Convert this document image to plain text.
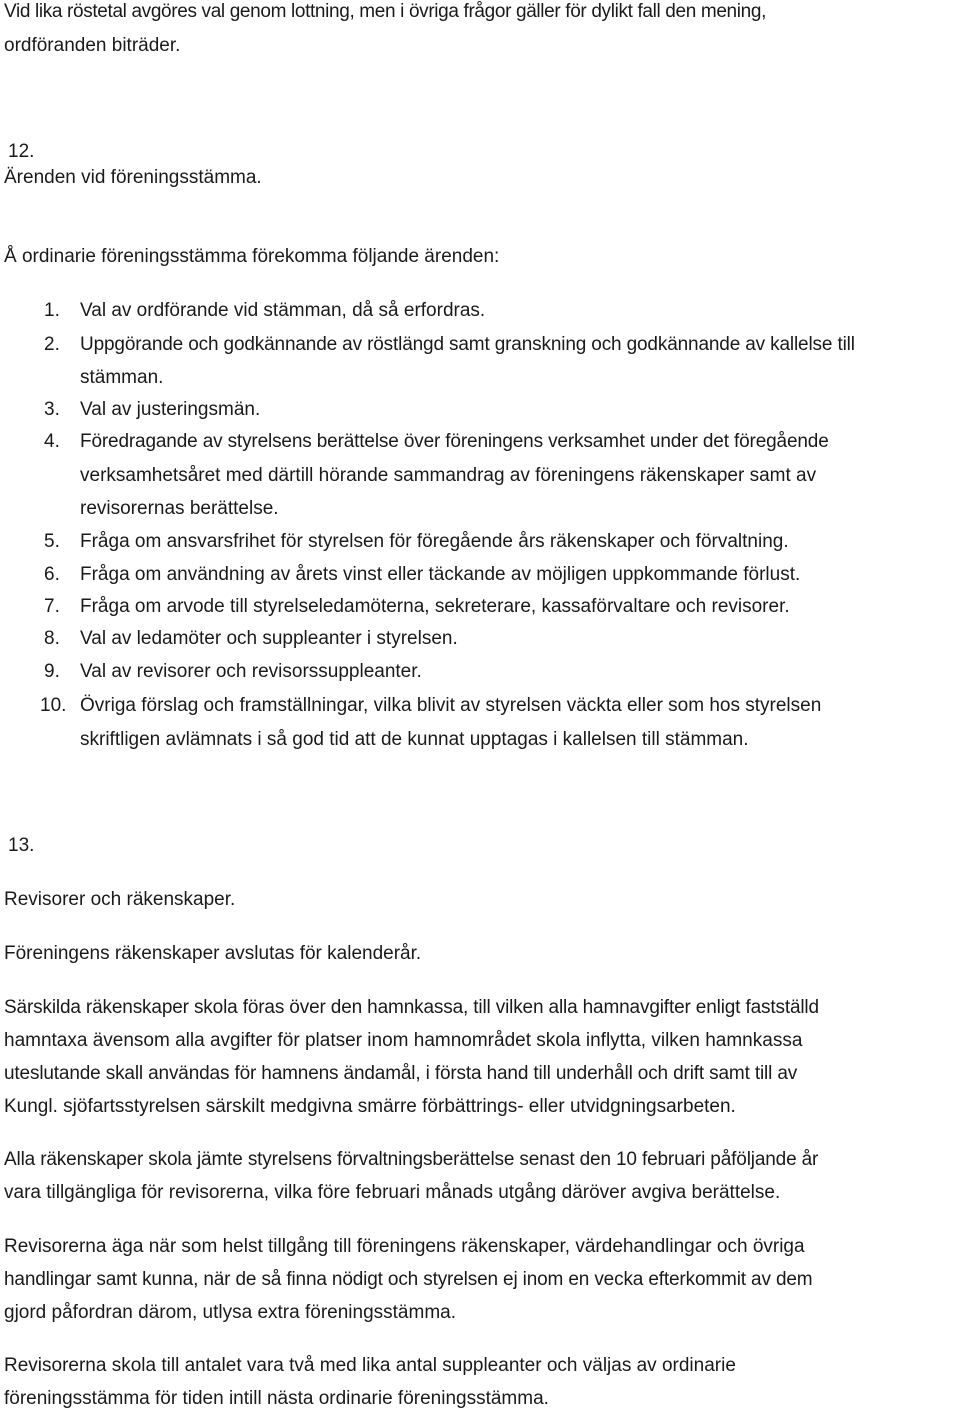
Vid lika röstetal avgöres val genom lottning, men i övriga frågor gäller för dylikt fall den mening,

ordföranden biträder.

12.

Ärenden vid föreningsstämma.

Å ordinarie föreningsstämma förekomma följande ärenden:

1. Val av ordförande vid stämman, då så erfordras.
2. Uppgörande och godkännande av röstlängd samt granskning och godkännande av kallelse till
stämman.
3. Val av justeringsmän.
4. Föredragande av styrelsens berättelse över föreningens verksamhet under det föregående
verksamhetsåret med därtill hörande sammandrag av föreningens räkenskaper samt av
revisorernas berättelse.
5. Fråga om ansvarsfrihet för styrelsen för föregående års räkenskaper och förvaltning.
6. Fråga om användning av årets vinst eller täckande av möjligen uppkommande förlust.
7. Fråga om arvode till styrelseledamöterna, sekreterare, kassaförvaltare och revisorer.
8. Val av ledamöter och suppleanter i styrelsen.
9. Val av revisorer och revisorssuppleanter.
10. Övriga förslag och framställningar, vilka blivit av styrelsen väckta eller som hos styrelsen
skriftligen avlämnats i så god tid att de kunnat upptagas i kallelsen till stämman.
13.

Revisorer och räkenskaper.

Föreningens räkenskaper avslutas för kalenderår.

Särskilda räkenskaper skola föras över den hamnkassa, till vilken alla hamnavgifter enligt fastställd

hamntaxa ävensom alla avgifter för platser inom hamnområdet skola inflytta, vilken hamnkassa

uteslutande skall användas för hamnens ändamål, i första hand till underhåll och drift samt till av

Kungl. sjöfartsstyrelsen särskilt medgivna smärre förbättrings- eller utvidgningsarbeten.

Alla räkenskaper skola jämte styrelsens förvaltningsberättelse senast den 10 februari påföljande år

vara tillgängliga för revisorerna, vilka före februari månads utgång däröver avgiva berättelse.

Revisorerna äga när som helst tillgång till föreningens räkenskaper, värdehandlingar och övriga

handlingar samt kunna, när de så finna nödigt och styrelsen ej inom en vecka efterkommit av dem

gjord påfordran därom, utlysa extra föreningsstämma.

Revisorerna skola till antalet vara två med lika antal suppleanter och väljas av ordinarie

föreningsstämma för tiden intill nästa ordinarie föreningsstämma.
